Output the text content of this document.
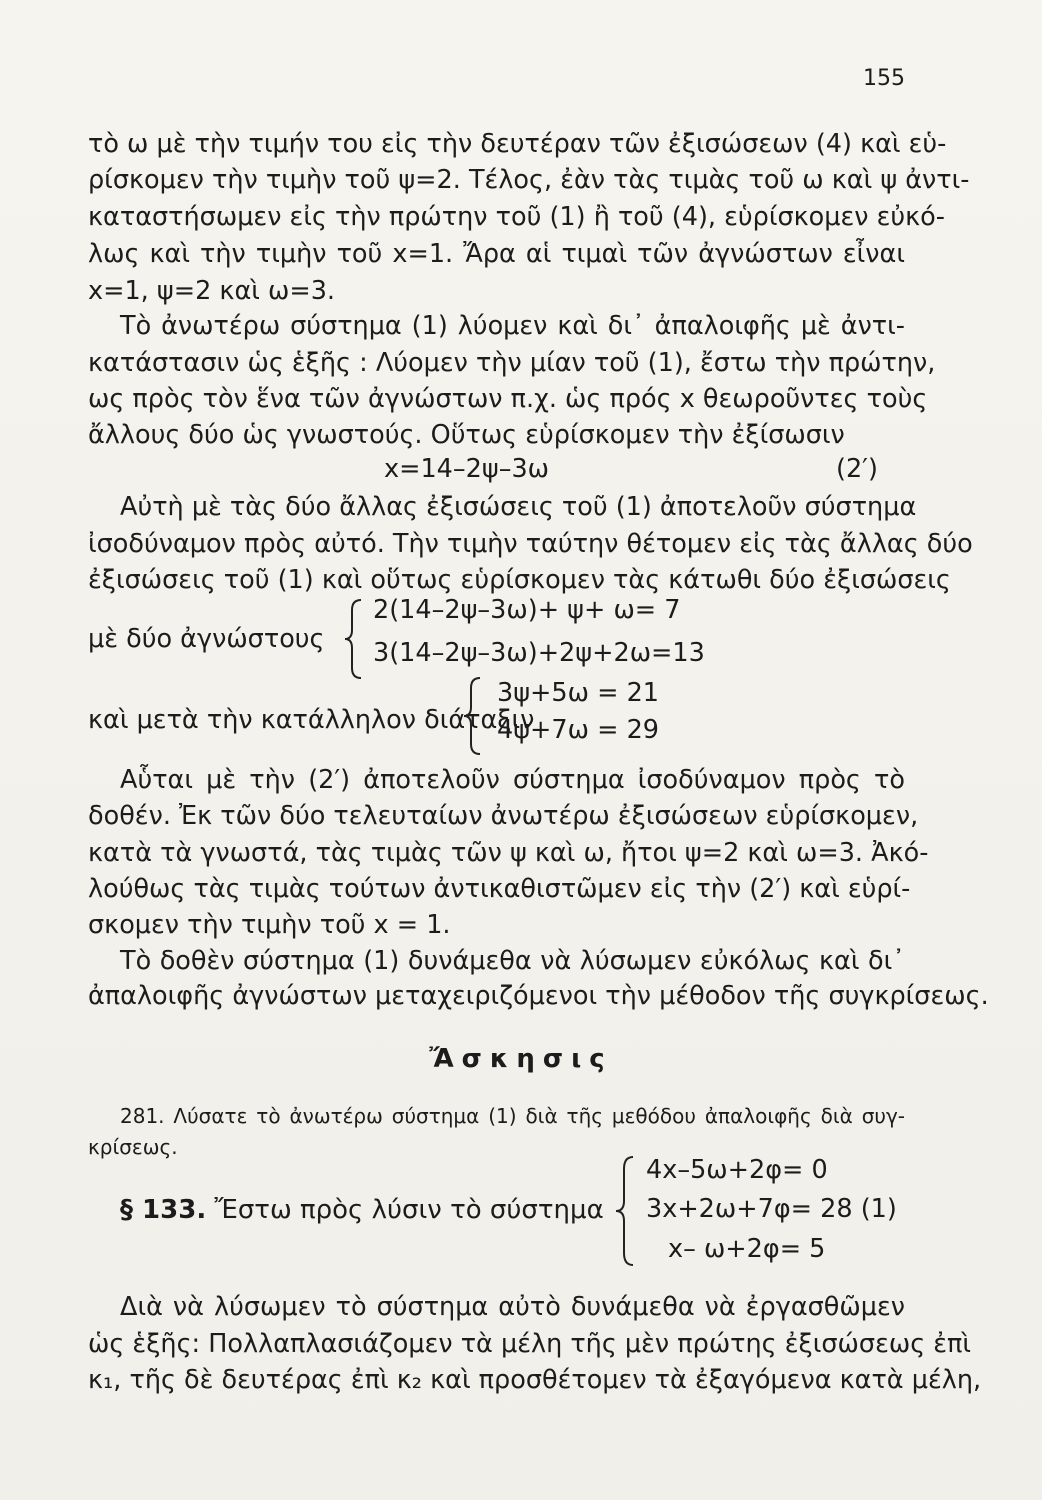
155
τὸ ω μὲ τὴν τιμήν του εἰς τὴν δευτέραν τῶν ἐξισώσεων (4) καὶ εὑ-
ρίσκομεν τὴν τιμὴν τοῦ ψ=2. Τέλος, ἐὰν τὰς τιμὰς τοῦ ω καὶ ψ ἀντι-
καταστήσωμεν εἰς τὴν πρώτην τοῦ (1) ἢ τοῦ (4), εὑρίσκομεν εὐκό-
λως καὶ τὴν τιμὴν τοῦ x=1. Ἄρα αἱ τιμαὶ τῶν ἀγνώστων εἶναι
x=1, ψ=2 καὶ ω=3.
Τὸ ἀνωτέρω σύστημα (1) λύομεν καὶ δι᾽ ἀπαλοιφῆς μὲ ἀντι-
κατάστασιν ὡς ἑξῆς : Λύομεν τὴν μίαν τοῦ (1), ἔστω τὴν πρώτην,
ως πρὸς τὸν ἕνα τῶν ἀγνώστων π.χ. ὡς πρός x θεωροῦντες τοὺς
ἄλλους δύο ὡς γνωστούς. Οὕτως εὑρίσκομεν τὴν ἐξίσωσιν
x=14–2ψ–3ω	(2′)
Αὐτὴ μὲ τὰς δύο ἄλλας ἐξισώσεις τοῦ (1) ἀποτελοῦν σύστημα
ἰσοδύναμον πρὸς αὐτό. Τὴν τιμὴν ταύτην θέτομεν εἰς τὰς ἄλλας δύο
ἐξισώσεις τοῦ (1) καὶ οὕτως εὑρίσκομεν τὰς κάτωθι δύο ἐξισώσεις
μὲ δύο ἀγνώστους
2(14–2ψ–3ω)+ ψ+ ω= 7
3(14–2ψ–3ω)+2ψ+2ω=13
καὶ μετὰ τὴν κατάλληλον διάταξιν
3ψ+5ω = 21
4ψ+7ω = 29
Αὗται μὲ τὴν (2′) ἀποτελοῦν σύστημα ἰσοδύναμον πρὸς τὸ
δοθέν. Ἐκ τῶν δύο τελευταίων ἀνωτέρω ἐξισώσεων εὑρίσκομεν,
κατὰ τὰ γνωστά, τὰς τιμὰς τῶν ψ καὶ ω, ἤτοι ψ=2 καὶ ω=3. Ἀκό-
λούθως τὰς τιμὰς τούτων ἀντικαθιστῶμεν εἰς τὴν (2′) καὶ εὑρί-
σκομεν τὴν τιμὴν τοῦ x = 1.
Τὸ δοθὲν σύστημα (1) δυνάμεθα νὰ λύσωμεν εὐκόλως καὶ δι᾽
ἀπαλοιφῆς ἀγνώστων μεταχειριζόμενοι τὴν μέθοδον τῆς συγκρίσεως.
Ἄσκησις
281. Λύσατε τὸ ἀνωτέρω σύστημα (1) διὰ τῆς μεθόδου ἀπαλοιφῆς διὰ συγ-
κρίσεως.
§ 133. Ἔστω πρὸς λύσιν τὸ σύστημα
4x–5ω+2φ= 0
3x+2ω+7φ= 28 (1)
x– ω+2φ= 5
Διὰ νὰ λύσωμεν τὸ σύστημα αὐτὸ δυνάμεθα νὰ ἐργασθῶμεν
ὡς ἑξῆς: Πολλαπλασιάζομεν τὰ μέλη τῆς μὲν πρώτης ἐξισώσεως ἐπὶ
κ₁, τῆς δὲ δευτέρας ἐπὶ κ₂ καὶ προσθέτομεν τὰ ἐξαγόμενα κατὰ μέλη,
